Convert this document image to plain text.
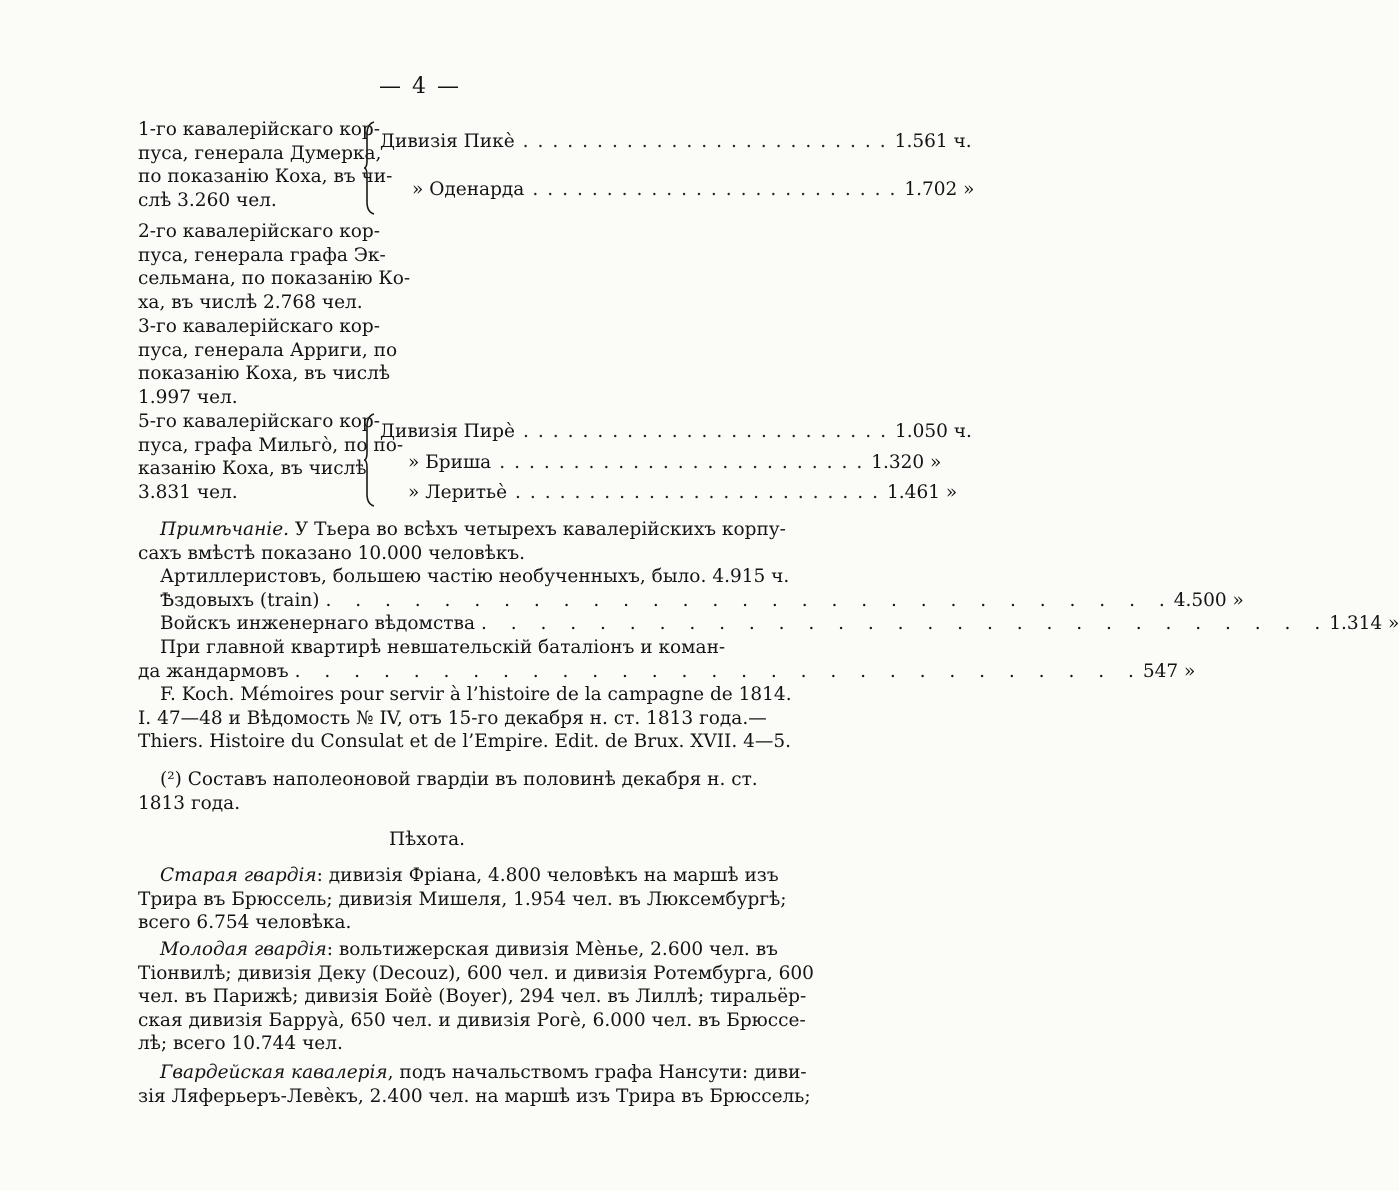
— 4 —
1-го кавалерійскаго кор-
пуса, генерала Думерка,
по показанію Коха, въ чи-
слѣ 3.260 чел.
Дивизія Пикѐ ......................... 1.561 ч.
» Оденарда ......................... 1.702 »
2-го кавалерійскаго кор-
пуса, генерала графа Эк-
сельмана, по показанію Ко-
ха, въ числѣ 2.768 чел.
3-го кавалерійскаго кор-
пуса, генерала Арриги, по
показанію Коха, въ числѣ
1.997 чел.
5-го кавалерійскаго кор-
пуса, графа Мильгὸ, по по-
казанію Коха, въ числѣ
3.831 чел.
Дивизія Пирѐ ......................... 1.050 ч.
» Бриша ......................... 1.320 »
» Леритьѐ ......................... 1.461 »
Примѣчаніе. У Тьера во всѣхъ четырехъ кавалерійскихъ корпу-
сахъ вмѣстѣ показано 10.000 человѣкъ.
Артиллеристовъ, большею частію необученныхъ, было. 4.915 ч.
Ѣздовыхъ (train) . . . . . . . . . . . . . . . . . . . . . . . . . . . . . 4.500 »
Войскъ инженернаго вѣдомства . . . . . . . . . . . . . . . . . . . . . . . . . . . . . 1.314 »
При главной квартирѣ невшательскій баталіонъ и коман-
да жандармовъ . . . . . . . . . . . . . . . . . . . . . . . . . . . . . 547 »
F. Koch. Mémoires pour servir à l’histoire de la campagne de 1814.
I. 47—48 и Вѣдомость № IV, отъ 15-го декабря н. ст. 1813 года.—
Thiers. Histoire du Consulat et de l’Empire. Edit. de Brux. XVII. 4—5.
(²) Составъ наполеоновой гвардіи въ половинѣ декабря н. ст.
1813 года.
Пѣхота.
Старая гвардія: дивизія Фріана, 4.800 человѣкъ на маршѣ изъ
Трира въ Брюссель; дивизія Мишеля, 1.954 чел. въ Люксембургѣ;
всего 6.754 человѣка.
Молодая гвардія: вольтижерская дивизія Мѐнье, 2.600 чел. въ
Тіонвилѣ; дивизія Деку (Decouz), 600 чел. и дивизія Ротембурга, 600
чел. въ Парижѣ; дивизія Бойѐ (Boyer), 294 чел. въ Лиллѣ; тиральёр-
ская дивизія Барруà, 650 чел. и дивизія Рогѐ, 6.000 чел. въ Брюссе-
лѣ; всего 10.744 чел.
Гвардейская кавалерія, подъ начальствомъ графа Нансути: диви-
зія Ляферьеръ-Левѐкъ, 2.400 чел. на маршѣ изъ Трира въ Брюссель;
